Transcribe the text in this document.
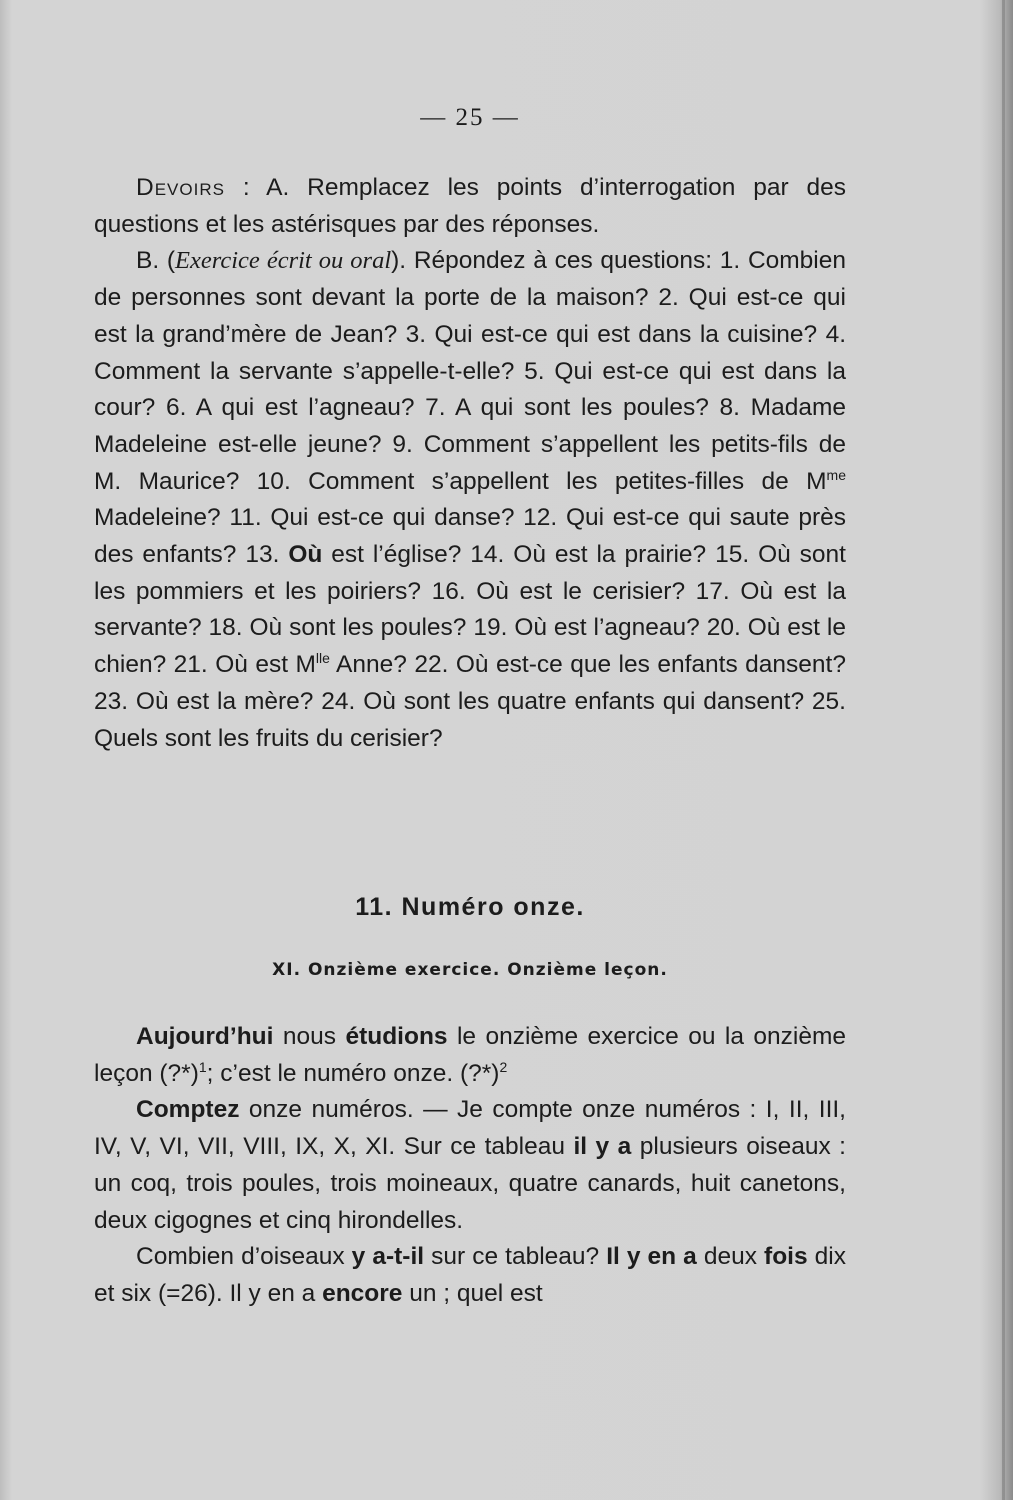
— 25 —

Devoirs : A. Remplacez les points d’interrogation par des questions et les astérisques par des réponses.

B. (Exercice écrit ou oral). Répondez à ces questions: 1. Combien de personnes sont devant la porte de la maison? 2. Qui est-ce qui est la grand’mère de Jean? 3. Qui est-ce qui est dans la cuisine? 4. Comment la servante s’appelle-t-elle? 5. Qui est-ce qui est dans la cour? 6. A qui est l’agneau? 7. A qui sont les poules? 8. Madame Madeleine est-elle jeune? 9. Comment s’appellent les petits-fils de M. Maurice? 10. Comment s’appellent les petites-filles de $M^{me}$ Madeleine? 11. Qui est-ce qui danse? 12. Qui est-ce qui saute près des enfants? 13. Où est l’église? 14. Où est la prairie? 15. Où sont les pommiers et les poiriers? 16. Où est le cerisier? 17. Où est la servante? 18. Où sont les poules? 19. Où est l’agneau? 20. Où est le chien? 21. Où est $M^{lle}$ Anne? 22. Où est-ce que les enfants dansent? 23. Où est la mère? 24. Où sont les quatre enfants qui dansent? 25. Quels sont les fruits du cerisier?

11. Numéro onze.
XI. Onzième exercice. Onzième leçon.

Aujourd’hui nous étudions le onzième exercice ou la onzième leçon (?*)$^1$; c’est le numéro onze. (?*)$^2$

Comptez onze numéros. — Je compte onze numéros : I, II, III, IV, V, VI, VII, VIII, IX, X, XI. Sur ce tableau il y a plusieurs oiseaux : un coq, trois poules, trois moineaux, quatre canards, huit canetons, deux cigognes et cinq hirondelles.

Combien d’oiseaux y a-t-il sur ce tableau? Il y en a deux fois dix et six (=26). Il y en a encore un ; quel est
